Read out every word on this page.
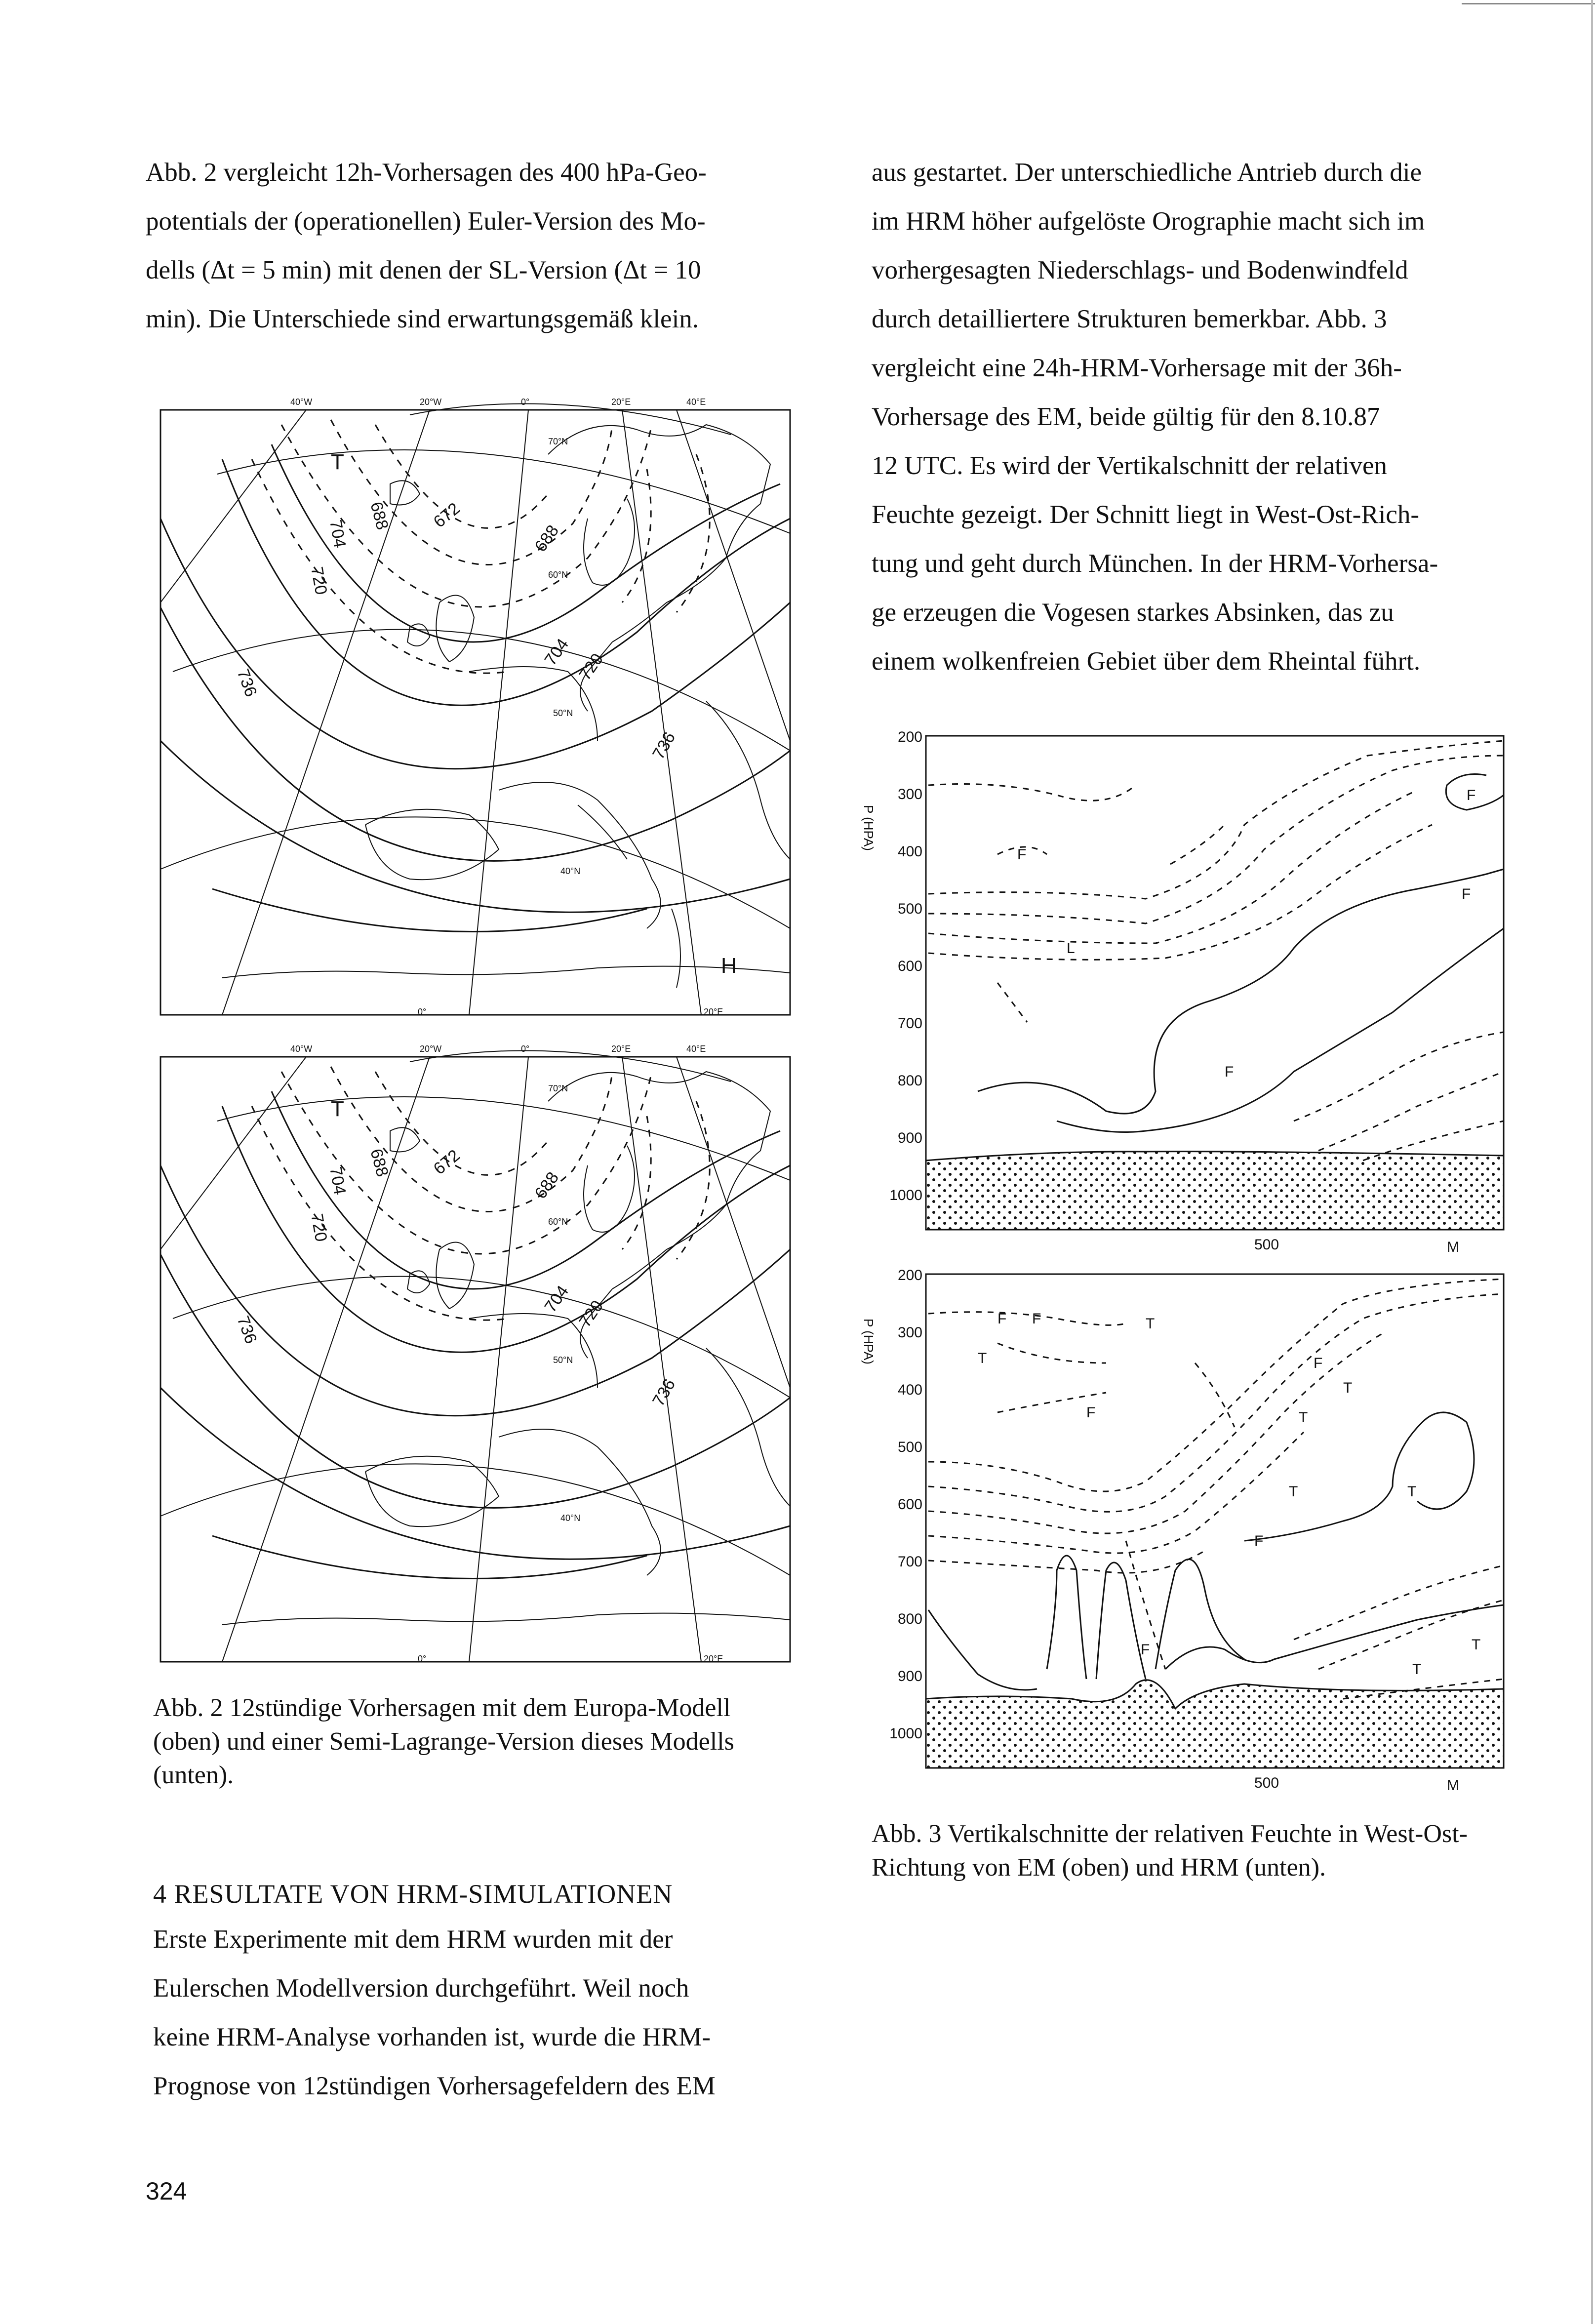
Abb. 2 vergleicht 12h-Vorhersagen des 400 hPa-Geo-

potentials der (operationellen) Euler-Version des Mo-

dells (Δt = 5 min) mit denen der SL-Version (Δt = 10

min). Die Unterschiede sind erwartungsgemäß klein.

40°W	20°W	0°	20°E	40°E
704
688
720
672
736
688
704 720
736
70°N
60°N
50°N
40°N
T
H
0°	20°E
40°W	20°W	0°	20°E	40°E
704
688
720
672
736
688
704 720
736
70°N
60°N
50°N
40°N
T
0°	20°E

Abb. 2 12stündige Vorhersagen mit dem Europa-Modell (oben) und einer Semi-Lagrange-Version dieses Modells (unten).

4 RESULTATE VON HRM-SIMULATIONEN

Erste Experimente mit dem HRM wurden mit der

Eulerschen Modellversion durchgeführt. Weil noch

keine HRM-Analyse vorhanden ist, wurde die HRM-

Prognose von 12stündigen Vorhersagefeldern des EM

aus gestartet. Der unterschiedliche Antrieb durch die

im HRM höher aufgelöste Orographie macht sich im

vorhergesagten Niederschlags- und Bodenwindfeld

durch detailliertere Strukturen bemerkbar. Abb. 3

vergleicht eine 24h-HRM-Vorhersage mit der 36h-

Vorhersage des EM, beide gültig für den 8.10.87

12 UTC. Es wird der Vertikalschnitt der relativen

Feuchte gezeigt. Der Schnitt liegt in West-Ost-Rich-

tung und geht durch München. In der HRM-Vorhersa-

ge erzeugen die Vogesen starkes Absinken, das zu

einem wolkenfreien Gebiet über dem Rheintal führt.

P (HPA)
200
300
400
500
600
700
800
900
1000
F
F
F
L
F
500	M
P (HPA)
200
300
400
500
600
700
800
900
1000
F F	T
T	F
F	T
T
T	T
F
T
T
F
500	M

Abb. 3 Vertikalschnitte der relativen Feuchte in West-Ost-Richtung von EM (oben) und HRM (unten).

324
